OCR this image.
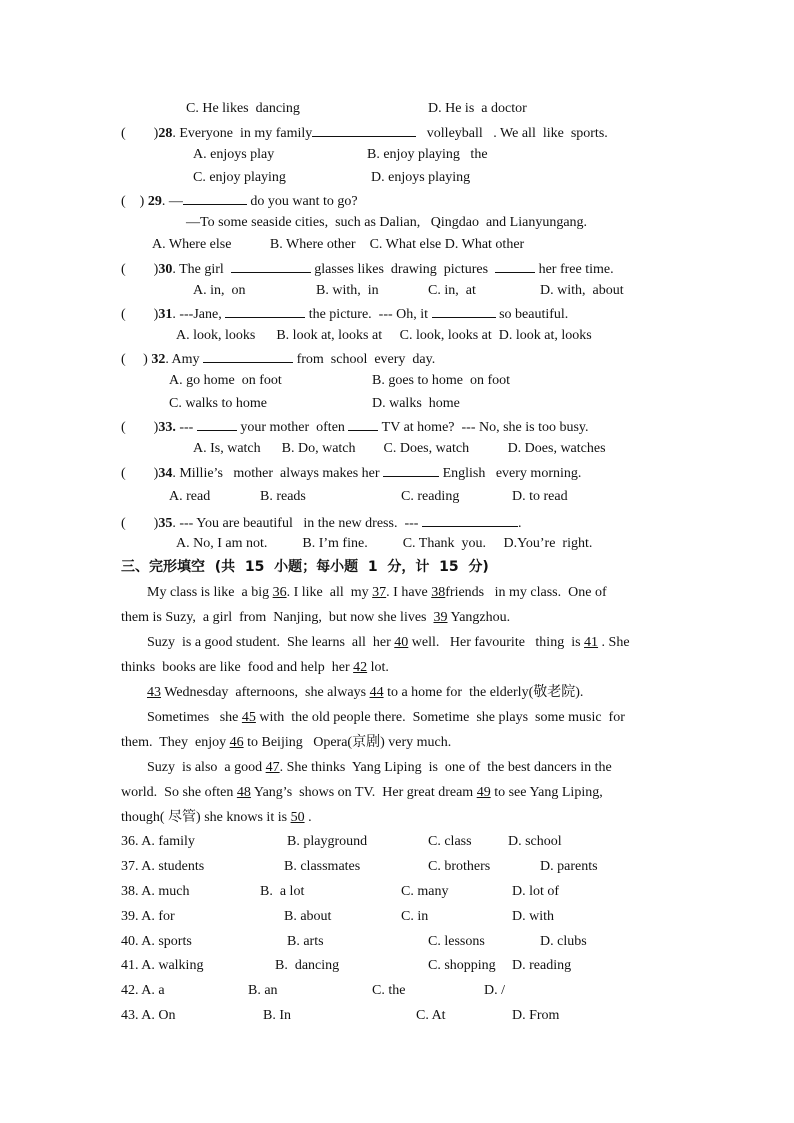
C. He likes  dancing	D. He is  a doctor
(        )28. Everyone  in my family	volleyball   . We all  like  sports.
A. enjoys play	B. enjoy playing   the
C. enjoy playing	D. enjoys playing
(    ) 29. —	do you want to go?
—To some seaside cities,  such as Dalian,   Qingdao  and Lianyungang.
A. Where else           B. Where other    C. What else D. What other
(        )30. The girl	glasses likes  drawing  pictures	her free time.
A. in,  on	B. with,  in	C. in,  at	D. with,  about
(        )31. ---Jane,	the picture.  --- Oh, it	so beautiful.
A. look, looks      B. look at, looks at     C. look, looks at  D. look at, looks
(     ) 32. Amy	from  school  every  day.
A. go home  on foot	B. goes to home  on foot
C. walks to home	D. walks  home
(        )33. ---	your mother  often	TV at home?  --- No, she is too busy.
A. Is, watch      B. Do, watch        C. Does, watch           D. Does, watches
(        )34. Millie’s   mother  always makes her	English   every morning.
A. read	B. reads	C. reading	D. to read
(        )35. --- You are beautiful   in the new dress.  ---	.
A. No, I am not.          B. I’m fine.          C. Thank  you.     D.You’re  right.
三、完形填空  (共  15  小题；每小题  1  分，计  15  分)
My class is like  a big 36. I like  all  my 37. I have 38friends   in my class.  One of
them is Suzy,  a girl  from  Nanjing,  but now she lives 39 Yangzhou.
Suzy  is a good student.  She learns  all  her 40 well.   Her favourite   thing  is 41 . She
thinks  books are like  food and help  her 42 lot.
43 Wednesday  afternoons,  she always 44 to a home for  the elderly(敬老院).
Sometimes   she 45 with  the old people there.  Sometime  she plays  some music  for
them.  They  enjoy 46 to Beijing   Opera(京剧) very much.
Suzy  is also  a good 47. She thinks  Yang Liping  is  one of  the best dancers in the
world.  So she often 48 Yang’s  shows on TV.  Her great dream 49 to see Yang Liping,
though( 尽管) she knows it is 50 .
36. A. family	B. playground	C. class	D. school
37. A. students	B. classmates	C. brothers	D. parents
38. A. much	B.  a lot	C. many	D. lot of
39. A. for	B. about	C. in	D. with
40. A. sports	B. arts	C. lessons	D. clubs
41. A. walking	B.  dancing	C. shopping D. reading
42. A. a	B. an	C. the	D. /
43. A. On	B. In	C. At	D. From
